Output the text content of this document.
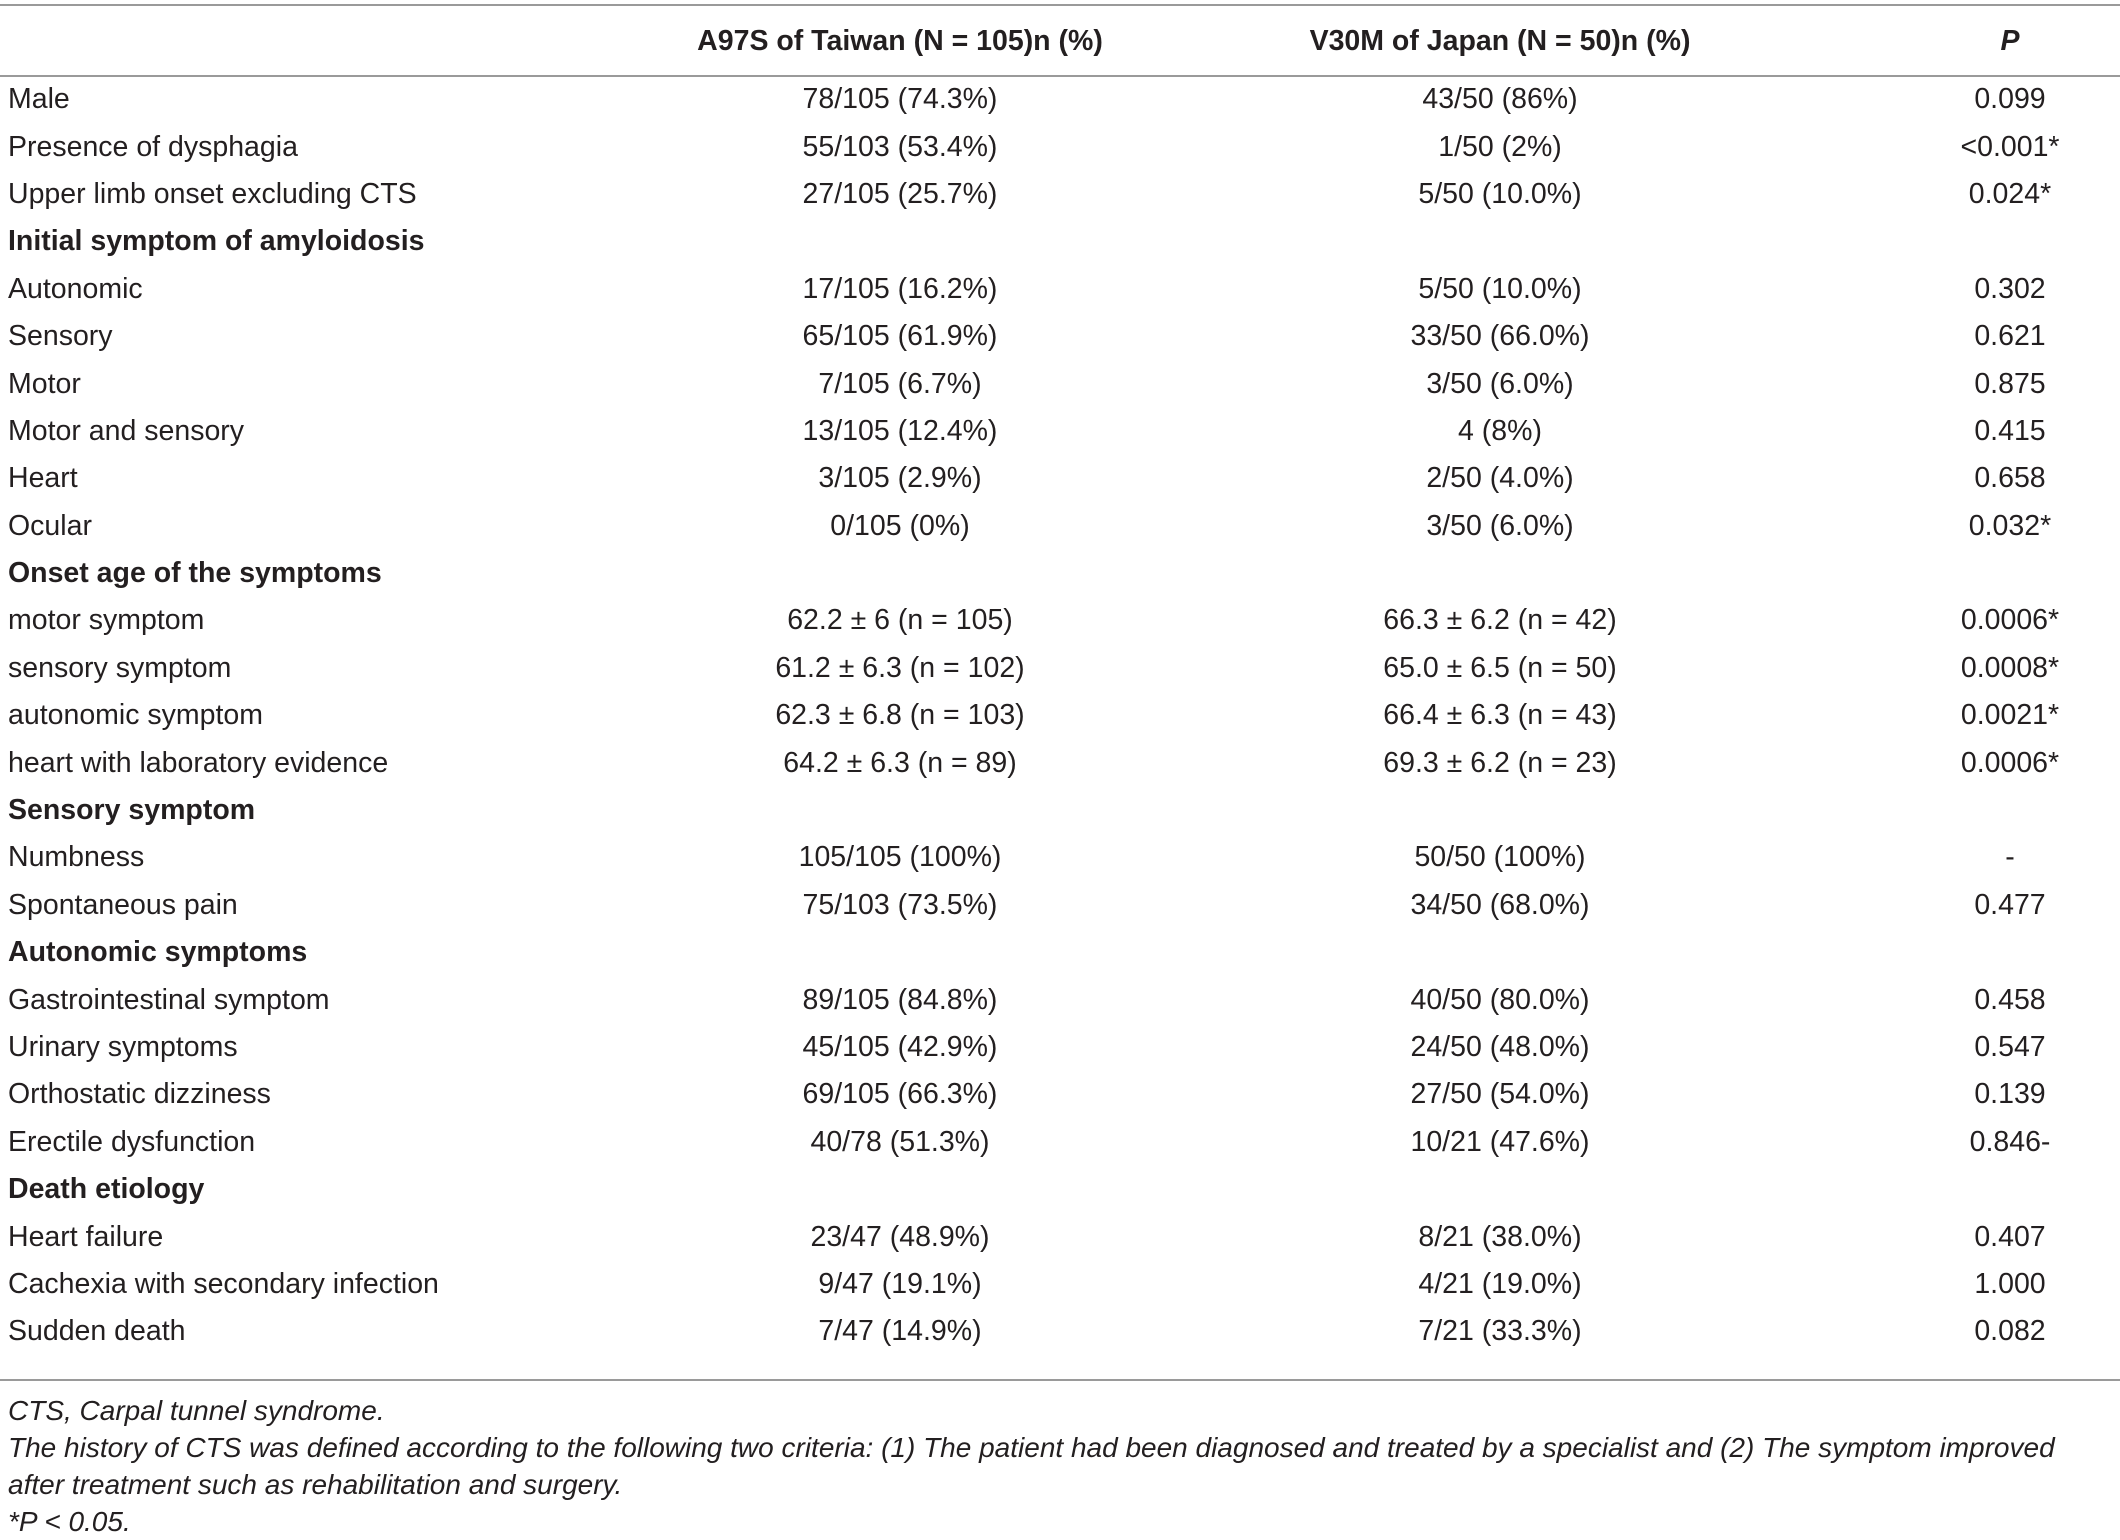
	A97S of Taiwan (N = 105)n (%)	V30M of Japan (N = 50)n (%)	P
Male	78/105 (74.3%)	43/50 (86%)	0.099
Presence of dysphagia	55/103 (53.4%)	1/50 (2%)	<0.001*
Upper limb onset excluding CTS	27/105 (25.7%)	5/50 (10.0%)	0.024*
Initial symptom of amyloidosis			
Autonomic	17/105 (16.2%)	5/50 (10.0%)	0.302
Sensory	65/105 (61.9%)	33/50 (66.0%)	0.621
Motor	7/105 (6.7%)	3/50 (6.0%)	0.875
Motor and sensory	13/105 (12.4%)	4 (8%)	0.415
Heart	3/105 (2.9%)	2/50 (4.0%)	0.658
Ocular	0/105 (0%)	3/50 (6.0%)	0.032*
Onset age of the symptoms			
motor symptom	62.2 ± 6 (n = 105)	66.3 ± 6.2 (n = 42)	0.0006*
sensory symptom	61.2 ± 6.3 (n = 102)	65.0 ± 6.5 (n = 50)	0.0008*
autonomic symptom	62.3 ± 6.8 (n = 103)	66.4 ± 6.3 (n = 43)	0.0021*
heart with laboratory evidence	64.2 ± 6.3 (n = 89)	69.3 ± 6.2 (n = 23)	0.0006*
Sensory symptom			
Numbness	105/105 (100%)	50/50 (100%)	-
Spontaneous pain	75/103 (73.5%)	34/50 (68.0%)	0.477
Autonomic symptoms			
Gastrointestinal symptom	89/105 (84.8%)	40/50 (80.0%)	0.458
Urinary symptoms	45/105 (42.9%)	24/50 (48.0%)	0.547
Orthostatic dizziness	69/105 (66.3%)	27/50 (54.0%)	0.139
Erectile dysfunction	40/78 (51.3%)	10/21 (47.6%)	0.846-
Death etiology			
Heart failure	23/47 (48.9%)	8/21 (38.0%)	0.407
Cachexia with secondary infection	9/47 (19.1%)	4/21 (19.0%)	1.000
Sudden death	7/47 (14.9%)	7/21 (33.3%)	0.082
CTS, Carpal tunnel syndrome.
The history of CTS was defined according to the following two criteria: (1) The patient had been diagnosed and treated by a specialist and (2) The symptom improved after treatment such as rehabilitation and surgery.
*P < 0.05.
